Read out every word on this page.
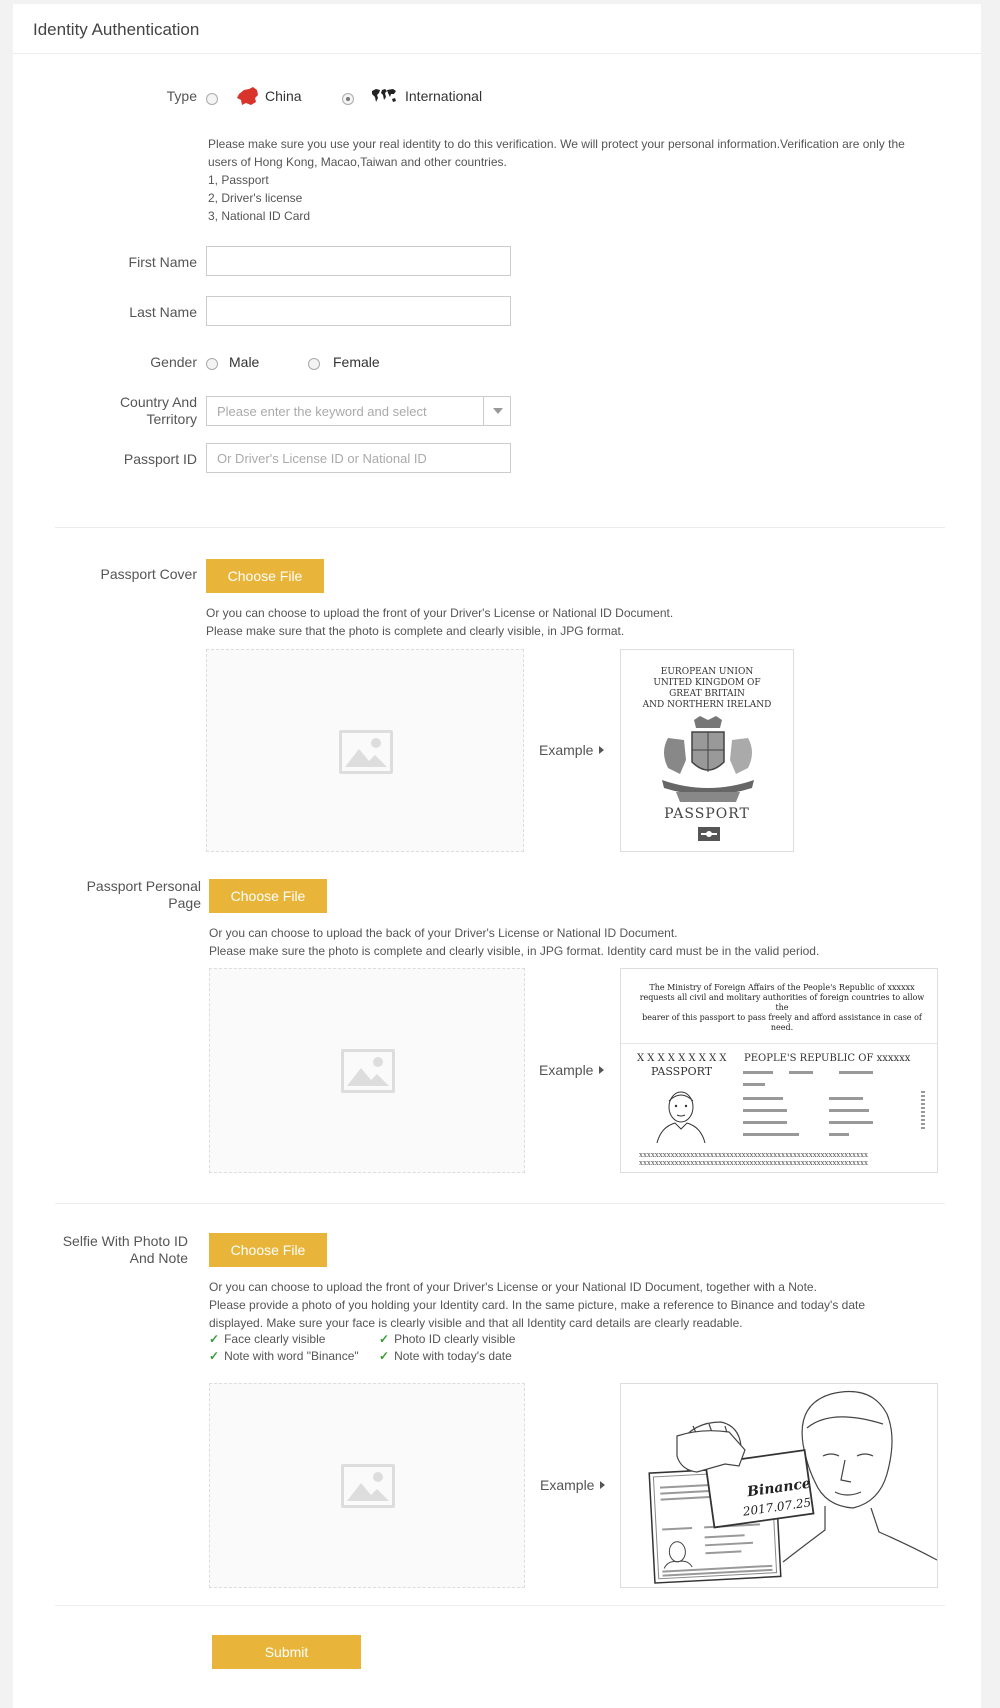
Identity Authentication
Type	China	International
Please make sure you use your real identity to do this verification. We will protect your personal information.Verification are only the
users of Hong Kong, Macao,Taiwan and other countries.
1, Passport
2, Driver's license
3, National ID Card
First Name
Last Name
Gender Male	Female
Country And
Territory
Please enter the keyword and select
Passport ID
Or Driver's License ID or National ID
Passport Cover	Choose File
Or you can choose to upload the front of your Driver's License or National ID Document.
Please make sure that the photo is complete and clearly visible, in JPG format.
Example
EUROPEAN UNION
UNITED KINGDOM OF
GREAT BRITAIN
AND NORTHERN IRELAND
PASSPORT
Passport Personal
Page	Choose File
Or you can choose to upload the back of your Driver's License or National ID Document.
Please make sure the photo is complete and clearly visible, in JPG format. Identity card must be in the valid period.
Example
The Ministry of Foreign Affairs of the People's Republic of xxxxxx
requests all civil and molitary authorities of foreign countries to allow the
bearer of this passport to pass freely and afford assistance in case of need.
X X X X X X X X X
PASSPORT
PEOPLE'S REPUBLIC OF xxxxxx
xxxxxxxxxxxxxxxxxxxxxxxxxxxxxxxxxxxxxxxxxxxxxxxxxxxxxxxxxx
xxxxxxxxxxxxxxxxxxxxxxxxxxxxxxxxxxxxxxxxxxxxxxxxxxxxxxxxxx
Selfie With Photo ID
And Note	Choose File
Or you can choose to upload the front of your Driver's License or your National ID Document, together with a Note.
Please provide a photo of you holding your Identity card. In the same picture, make a reference to Binance and today's date
displayed. Make sure your face is clearly visible and that all Identity card details are clearly readable.
✓ Face clearly visible	✓ Photo ID clearly visible
✓ Note with word "Binance" ✓ Note with today's date
Example	Binance
2017.07.25
Submit
